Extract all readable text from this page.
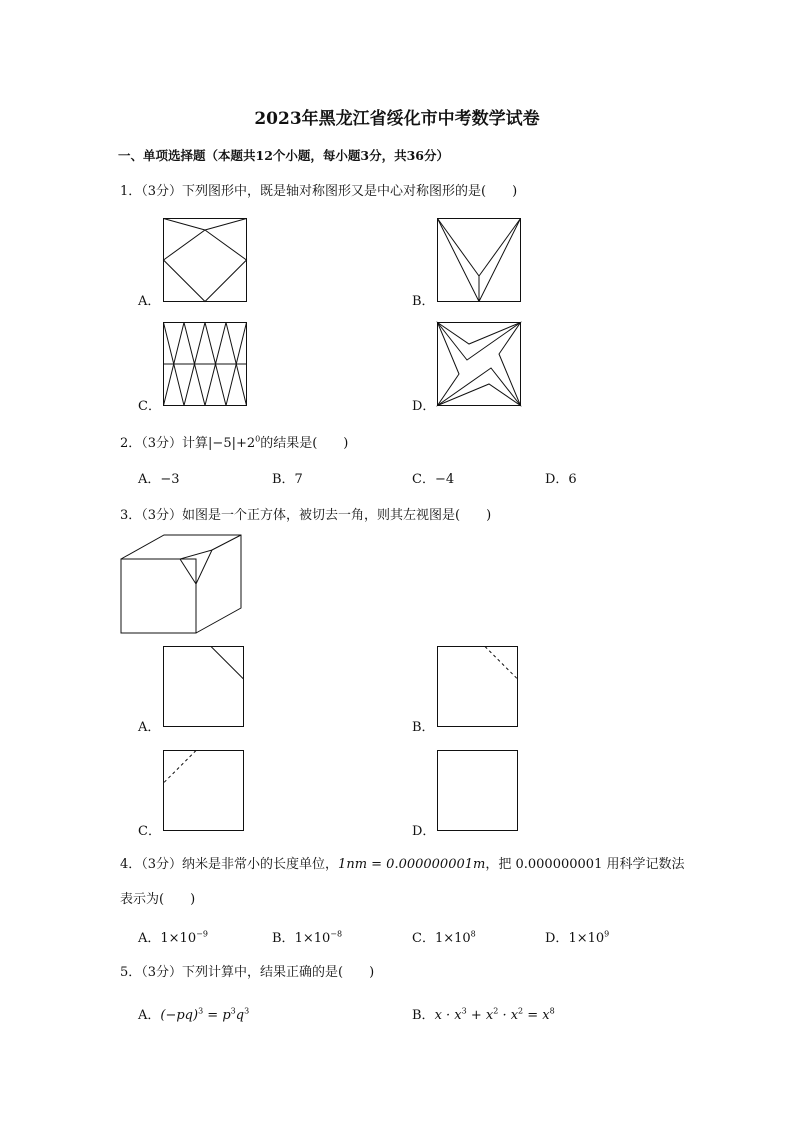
2023年黑龙江省绥化市中考数学试卷
一、单项选择题（本题共12个小题，每小题3分，共36分）
1．（3分）下列图形中，既是轴对称图形又是中心对称图形的是(　　)
A．	B．
C．	D．
2．（3分）计算$|-5|+2^0$的结果是(　　)
A．−3	B．7	C．−4	D．6
3．（3分）如图是一个正方体，被切去一角，则其左视图是(　　)
A．	B．
C．	D．
4．（3分）纳米是非常小的长度单位，1nm = 0.000000001m，把 0.000000001 用科学记数法
表示为(　　)
A．$1\times 10^{-9}$	B．$1\times 10^{-8}$	C．$1\times 10^8$	D．$1\times 10^9$
5．（3分）下列计算中，结果正确的是(　　)
A．$(-pq)^3 = p^3q^3$	B．$x \cdot x^3 + x^2 \cdot x^2 = x^8$
